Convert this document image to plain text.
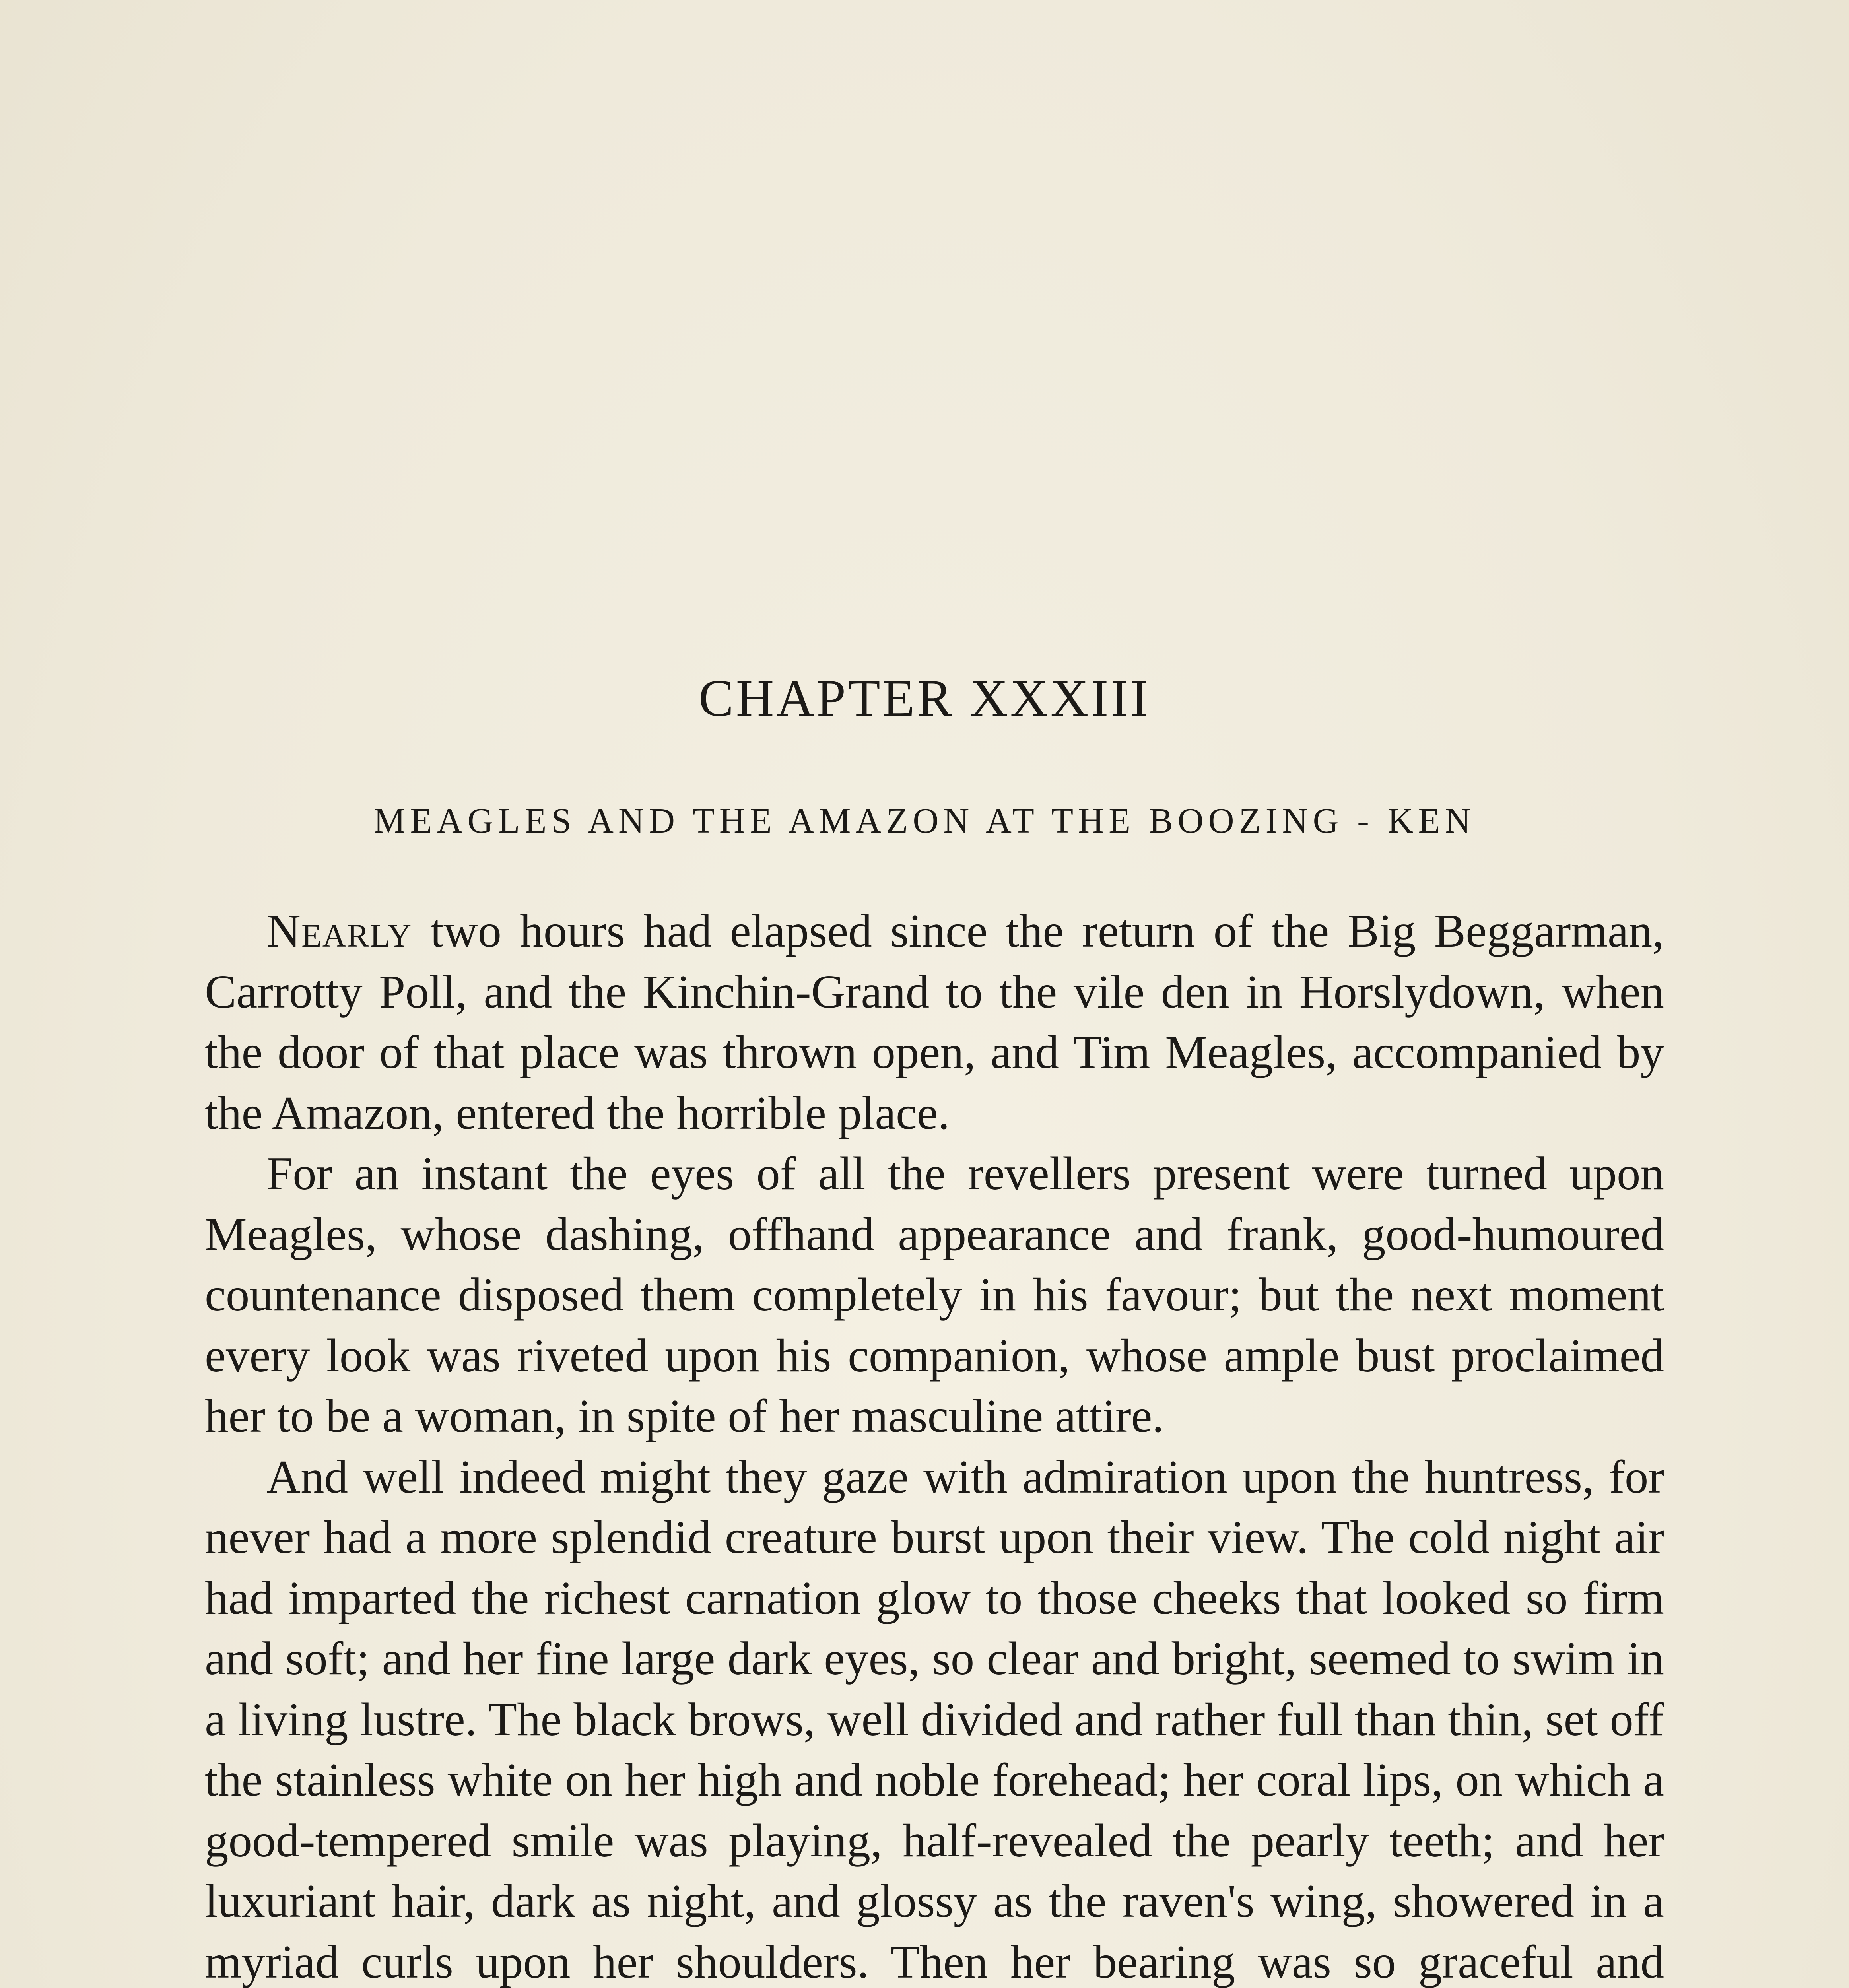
CHAPTER XXXIII
MEAGLES AND THE AMAZON AT THE BOOZING - KEN

Nearly two hours had elapsed since the return of the Big Beggarman, Carrotty Poll, and the Kinchin-Grand to the vile den in Horslydown, when the door of that place was thrown open, and Tim Meagles, accompanied by the Amazon, entered the horrible place.

For an instant the eyes of all the revellers present were turned upon Meagles, whose dashing, offhand appearance and frank, good-humoured countenance disposed them completely in his favour; but the next moment every look was riveted upon his companion, whose ample bust proclaimed her to be a woman, in spite of her masculine attire.

And well indeed might they gaze with admiration upon the huntress, for never had a more splendid creature burst upon their view. The cold night air had imparted the richest carnation glow to those cheeks that looked so firm and soft; and her fine large dark eyes, so clear and bright, seemed to swim in a living lustre. The black brows, well divided and rather full than thin, set off the stainless white on her high and noble forehead; her coral lips, on which a good-tempered smile was playing, half-revealed the pearly teeth; and her luxuriant hair, dark as night, and glossy as the raven's wing, showered in a myriad curls upon her shoulders. Then her bearing was so graceful and
